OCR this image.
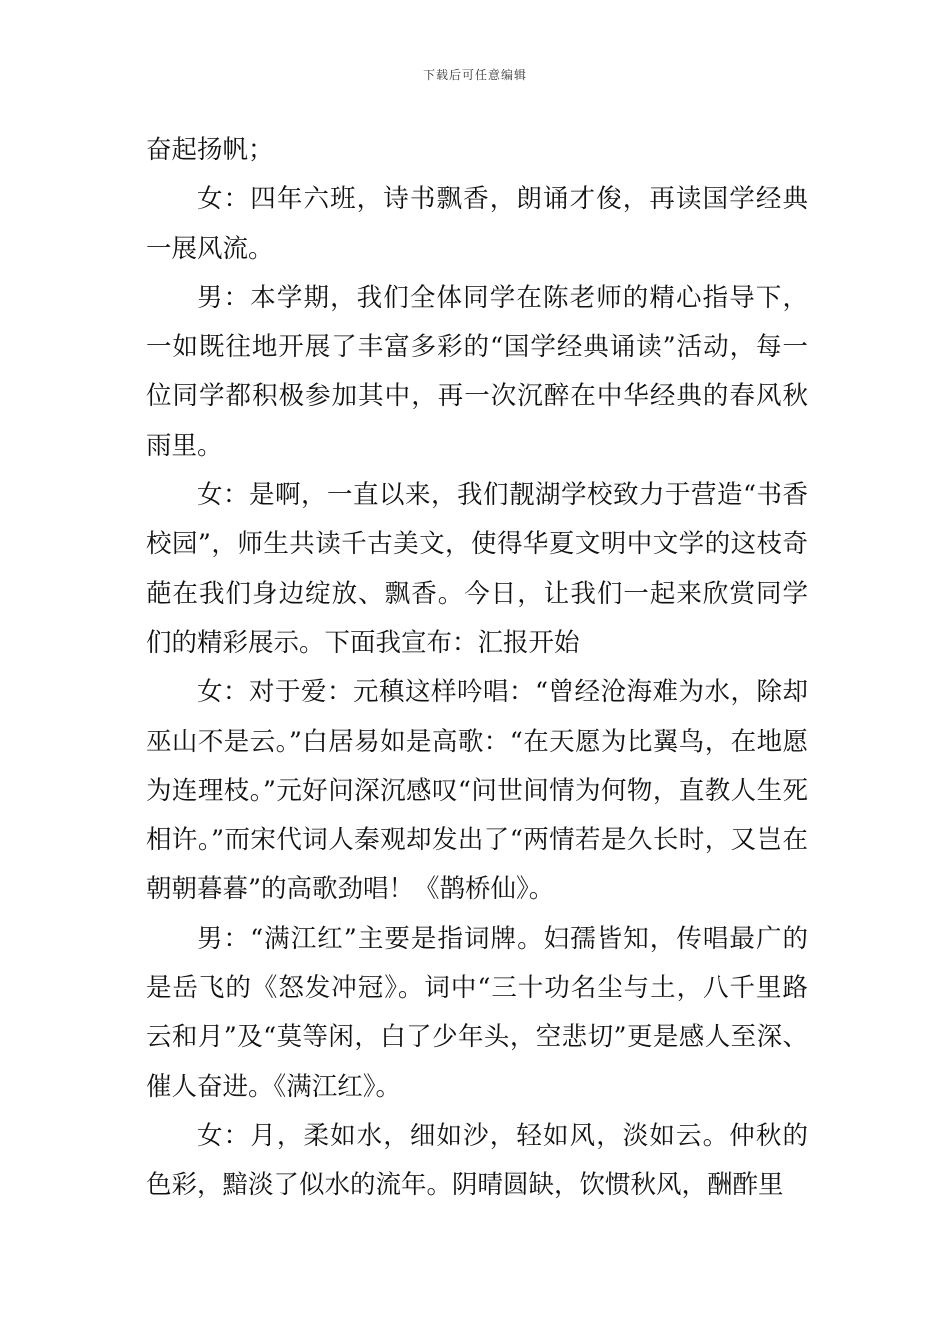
下载后可任意编辑

奋起扬帆；

女：四年六班，诗书飘香，朗诵才俊，再读国学经典一展风流。

男：本学期，我们全体同学在陈老师的精心指导下，一如既往地开展了丰富多彩的“国学经典诵读”活动，每一位同学都积极参加其中，再一次沉醉在中华经典的春风秋雨里。

女：是啊，一直以来，我们靓湖学校致力于营造“书香校园”，师生共读千古美文，使得华夏文明中文学的这枝奇葩在我们身边绽放、飘香。今日，让我们一起来欣赏同学们的精彩展示。下面我宣布：汇报开始

女：对于爱：元稹这样吟唱：“曾经沧海难为水，除却巫山不是云。”白居易如是高歌：“在天愿为比翼鸟，在地愿为连理枝。”元好问深沉感叹“问世间情为何物，直教人生死相许。”而宋代词人秦观却发出了“两情若是久长时，又岂在朝朝暮暮”的高歌劲唱！《鹊桥仙》。

男：“满江红”主要是指词牌。妇孺皆知，传唱最广的是岳飞的《怒发冲冠》。词中“三十功名尘与土，八千里路云和月”及“莫等闲，白了少年头，空悲切”更是感人至深、催人奋进。《满江红》。

女：月，柔如水，细如沙，轻如风，淡如云。仲秋的色彩，黯淡了似水的流年。阴晴圆缺，饮惯秋风，酬酢里
